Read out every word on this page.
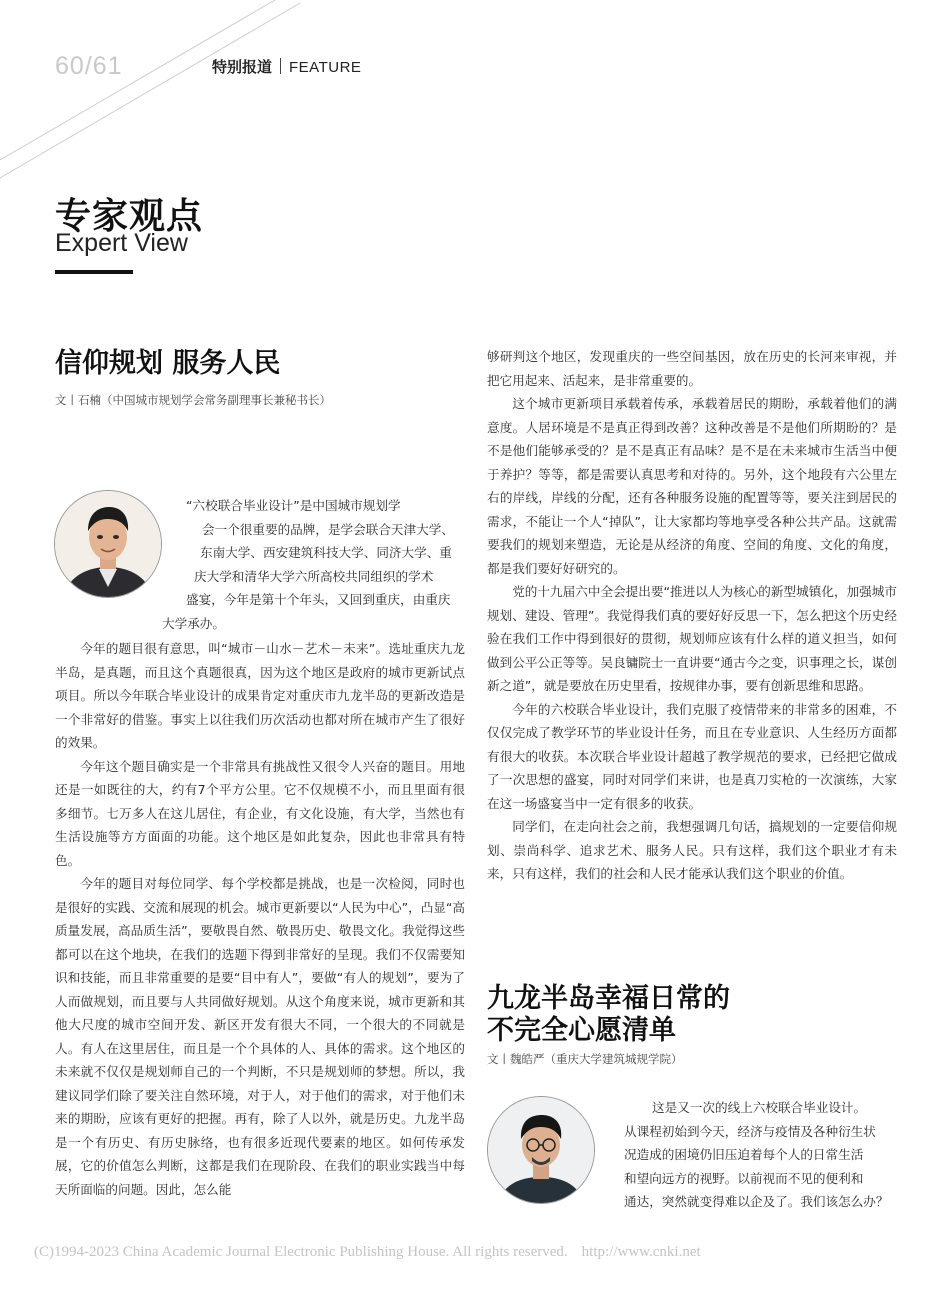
60/61	特别报道 FEATURE
专家观点
Expert View
信仰规划 服务人民
文丨石楠（中国城市规划学会常务副理事长兼秘书长）
“六校联合毕业设计”是中国城市规划学
会一个很重要的品牌，是学会联合天津大学、
东南大学、西安建筑科技大学、同济大学、重
庆大学和清华大学六所高校共同组织的学术
盛宴，今年是第十个年头，又回到重庆，由重庆
大学承办。

今年的题目很有意思，叫“城市－山水－艺术－未来”。选址重庆九龙半岛，是真题，而且这个真题很真，因为这个地区是政府的城市更新试点项目。所以今年联合毕业设计的成果肯定对重庆市九龙半岛的更新改造是一个非常好的借鉴。事实上以往我们历次活动也都对所在城市产生了很好的效果。

今年这个题目确实是一个非常具有挑战性又很令人兴奋的题目。用地还是一如既往的大，约有7个平方公里。它不仅规模不小，而且里面有很多细节。七万多人在这儿居住，有企业，有文化设施，有大学，当然也有生活设施等方方面面的功能。这个地区是如此复杂，因此也非常具有特色。

今年的题目对每位同学、每个学校都是挑战，也是一次检阅，同时也是很好的实践、交流和展现的机会。城市更新要以“人民为中心”，凸显“高质量发展，高品质生活”，要敬畏自然、敬畏历史、敬畏文化。我觉得这些都可以在这个地块，在我们的选题下得到非常好的呈现。我们不仅需要知识和技能，而且非常重要的是要“目中有人”，要做“有人的规划”，要为了人而做规划，而且要与人共同做好规划。从这个角度来说，城市更新和其他大尺度的城市空间开发、新区开发有很大不同，一个很大的不同就是人。有人在这里居住，而且是一个个具体的人、具体的需求。这个地区的未来就不仅仅是规划师自己的一个判断，不只是规划师的梦想。所以，我建议同学们除了要关注自然环境，对于人，对于他们的需求，对于他们未来的期盼，应该有更好的把握。再有，除了人以外，就是历史。九龙半岛是一个有历史、有历史脉络，也有很多近现代要素的地区。如何传承发展，它的价值怎么判断，这都是我们在现阶段、在我们的职业实践当中每天所面临的问题。因此，怎么能

够研判这个地区，发现重庆的一些空间基因，放在历史的长河来审视，并把它用起来、活起来，是非常重要的。

这个城市更新项目承载着传承，承载着居民的期盼，承载着他们的满意度。人居环境是不是真正得到改善？这种改善是不是他们所期盼的？是不是他们能够承受的？是不是真正有品味？是不是在未来城市生活当中便于养护？等等，都是需要认真思考和对待的。另外，这个地段有六公里左右的岸线，岸线的分配，还有各种服务设施的配置等等，要关注到居民的需求，不能让一个人“掉队”，让大家都均等地享受各种公共产品。这就需要我们的规划来塑造，无论是从经济的角度、空间的角度、文化的角度，都是我们要好好研究的。

党的十九届六中全会提出要“推进以人为核心的新型城镇化，加强城市规划、建设、管理”。我觉得我们真的要好好反思一下，怎么把这个历史经验在我们工作中得到很好的贯彻，规划师应该有什么样的道义担当，如何做到公平公正等等。吴良镛院士一直讲要“通古今之变，识事理之长，谋创新之道”，就是要放在历史里看，按规律办事，要有创新思维和思路。

今年的六校联合毕业设计，我们克服了疫情带来的非常多的困难，不仅仅完成了教学环节的毕业设计任务，而且在专业意识、人生经历方面都有很大的收获。本次联合毕业设计超越了教学规范的要求，已经把它做成了一次思想的盛宴，同时对同学们来讲，也是真刀实枪的一次演练，大家在这一场盛宴当中一定有很多的收获。

同学们，在走向社会之前，我想强调几句话，搞规划的一定要信仰规划、崇尚科学、追求艺术、服务人民。只有这样，我们这个职业才有未来，只有这样，我们的社会和人民才能承认我们这个职业的价值。

九龙半岛幸福日常的
不完全心愿清单
文丨魏皓严（重庆大学建筑城规学院）
这是又一次的线上六校联合毕业设计。
从课程初始到今天，经济与疫情及各种衍生状
况造成的困境仍旧压迫着每个人的日常生活
和望向远方的视野。以前视而不见的便利和
通达，突然就变得难以企及了。我们该怎么办？
(C)1994-2023 China Academic Journal Electronic Publishing House. All rights reserved. http://www.cnki.net
